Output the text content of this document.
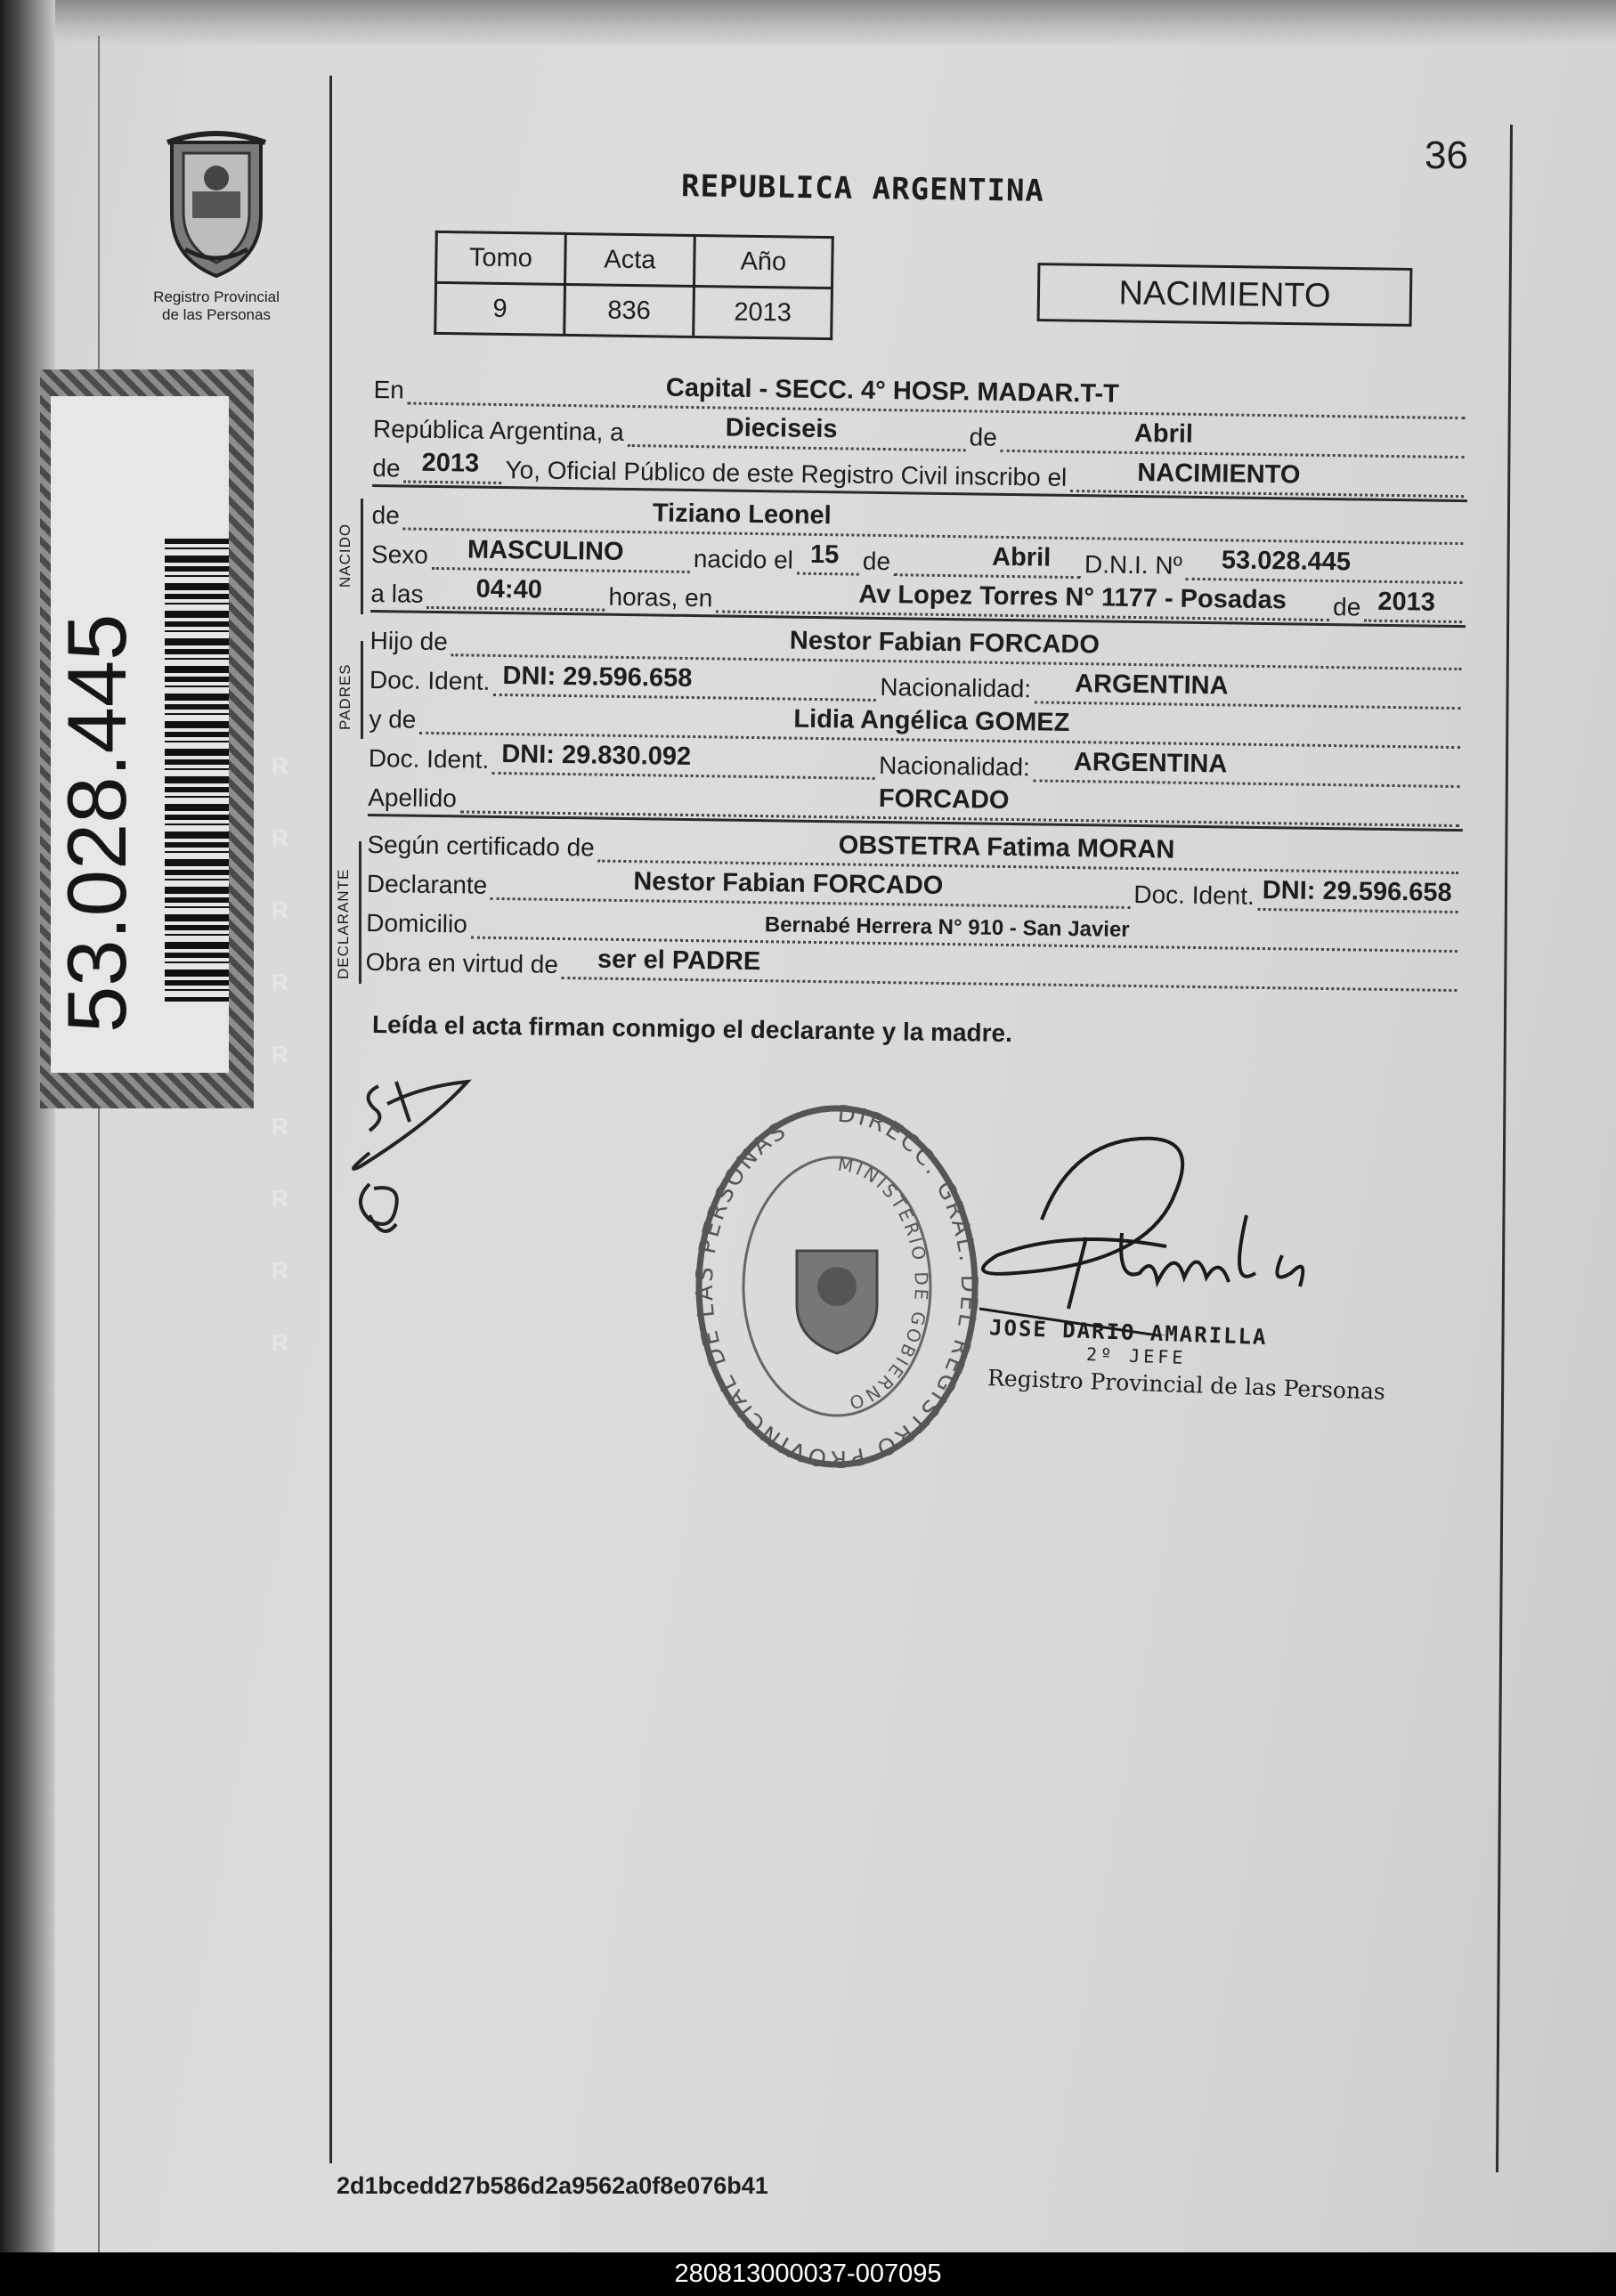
36
Registro Provincial
de las Personas
R
R
R
R
R
R
R
R
R
53.028.445
REPUBLICA ARGENTINA
Tomo	Acta	Año
9	836	2013	NACIMIENTO
NACIDO
PADRES
DECLARANTE
En	Capital - SECC. 4° HOSP. MADAR.T-T
República Argentina, a	Dieciseis	de	Abril
de 2013 Yo, Oficial Público de este Registro Civil inscribo el	NACIMIENTO
de	Tiziano Leonel
Sexo MASCULINO	nacido el 15 de	Abril D.N.I. Nº 53.028.445
a las 04:40	horas, en	Av Lopez Torres N° 1177 - Posadas de 2013
Hijo de	Nestor Fabian FORCADO
Doc. Ident. DNI: 29.596.658	Nacionalidad: ARGENTINA
y de	Lidia Angélica GOMEZ
Doc. Ident. DNI: 29.830.092	Nacionalidad: ARGENTINA
Apellido	FORCADO
Según certificado de	OBSTETRA Fatima MORAN
Declarante	Nestor Fabian FORCADO	Doc. Ident. DNI: 29.596.658
Domicilio	Bernabé Herrera N° 910 - San Javier
Obra en virtud de ser el PADRE
Leída el acta firman conmigo el declarante y la madre.
DIRECC. GRAL. DEL REGISTRO PROVINCIAL DE LAS PERSONAS
MINISTERIO DE GOBIERNO
JOSÉ DARIO AMARILLA
2º JEFE
Registro Provincial de las Personas
2d1bcedd27b586d2a9562a0f8e076b41
280813000037-007095
